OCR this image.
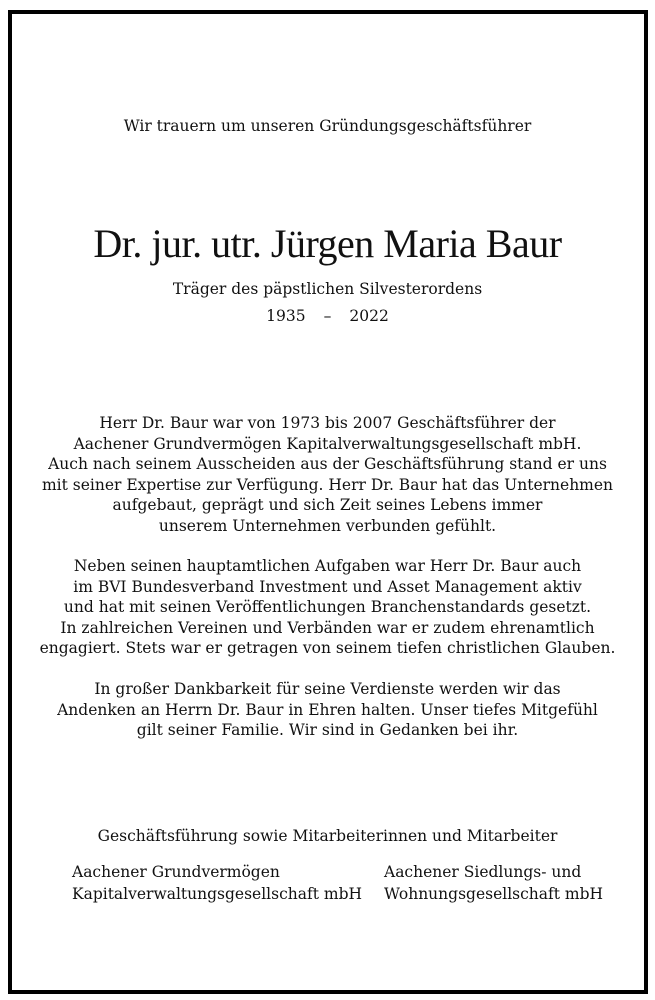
Wir trauern um unseren Gründungsgeschäftsführer
Dr. jur. utr. Jürgen Maria Baur
Träger des päpstlichen Silvesterordens
1935 – 2022
Herr Dr. Baur war von 1973 bis 2007 Geschäftsführer der
Aachener Grundvermögen Kapitalverwaltungsgesellschaft mbH.
Auch nach seinem Ausscheiden aus der Geschäftsführung stand er uns
mit seiner Expertise zur Verfügung. Herr Dr. Baur hat das Unternehmen
aufgebaut, geprägt und sich Zeit seines Lebens immer
unserem Unternehmen verbunden gefühlt.
Neben seinen hauptamtlichen Aufgaben war Herr Dr. Baur auch
im BVI Bundesverband Investment und Asset Management aktiv
und hat mit seinen Veröffentlichungen Branchenstandards gesetzt.
In zahlreichen Vereinen und Verbänden war er zudem ehrenamtlich
engagiert. Stets war er getragen von seinem tiefen christlichen Glauben.
In großer Dankbarkeit für seine Verdienste werden wir das
Andenken an Herrn Dr. Baur in Ehren halten. Unser tiefes Mitgefühl
gilt seiner Familie. Wir sind in Gedanken bei ihr.
Geschäftsführung sowie Mitarbeiterinnen und Mitarbeiter
Aachener Grundvermögen
Kapitalverwaltungsgesellschaft mbH
Aachener Siedlungs- und
Wohnungsgesellschaft mbH
